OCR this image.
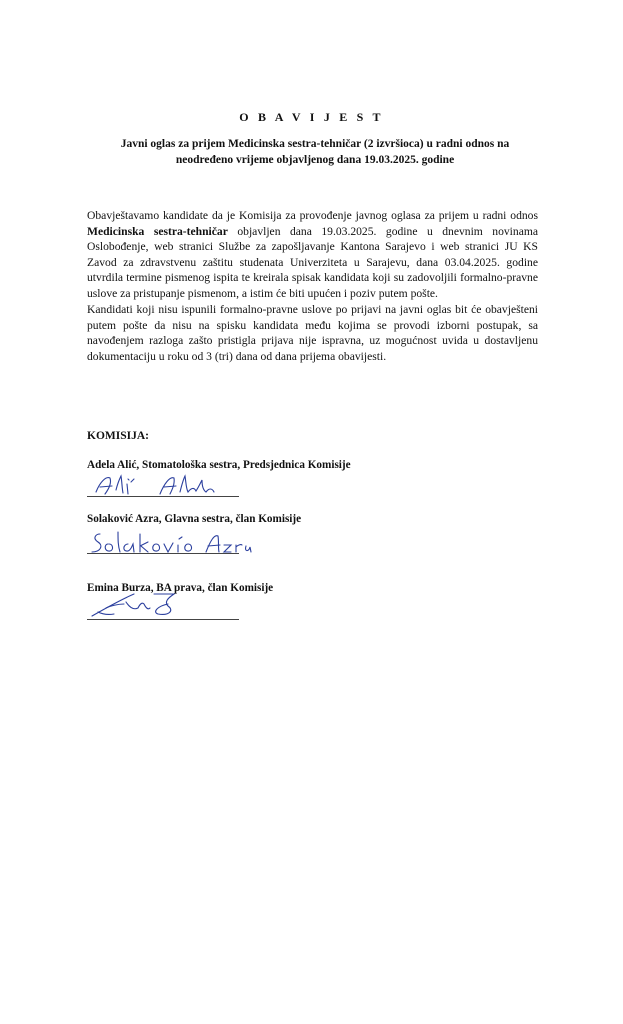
O B A V I J E S T
Javni oglas za prijem Medicinska sestra-tehničar (2 izvršioca) u radni odnos na
neodređeno vrijeme objavljenog dana 19.03.2025. godine
Obavještavamo kandidate da je Komisija za provođenje javnog oglasa za prijem u radni odnos Medicinska sestra-tehničar objavljen dana 19.03.2025. godine u dnevnim novinama Oslobođenje, web stranici Službe za zapošljavanje Kantona Sarajevo i web stranici JU KS Zavod za zdravstvenu zaštitu studenata Univerziteta u Sarajevu, dana 03.04.2025. godine utvrdila termine pismenog ispita te kreirala spisak kandidata koji su zadovoljili formalno-pravne uslove za pristupanje pismenom, a istim će biti upućen i poziv putem pošte.
Kandidati koji nisu ispunili formalno-pravne uslove po prijavi na javni oglas bit će obavješteni putem pošte da nisu na spisku kandidata među kojima se provodi izborni postupak, sa navođenjem razloga zašto pristigla prijava nije ispravna, uz mogućnost uvida u dostavljenu dokumentaciju u roku od 3 (tri) dana od dana prijema obavijesti.
KOMISIJA:
Adela Alić, Stomatološka sestra, Predsjednica Komisije
Solaković Azra, Glavna sestra, član Komisije
Emina Burza, BA prava, član Komisije
